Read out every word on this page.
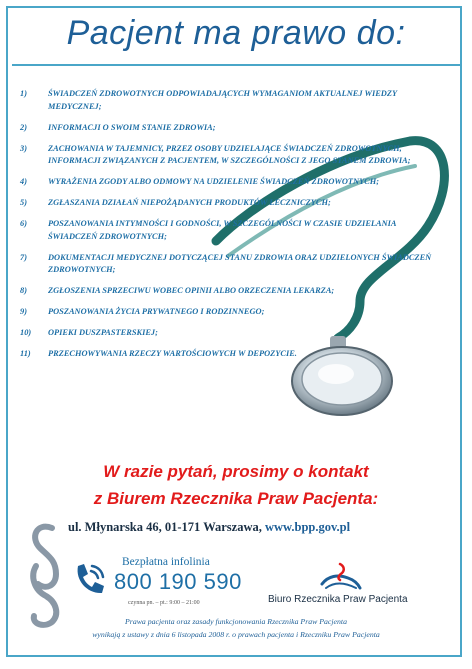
Pacjent ma prawo do:
1)	ŚWIADCZEŃ ZDROWOTNYCH ODPOWIADAJĄCYCH WYMAGANIOM AKTUALNEJ WIEDZY MEDYCZNEJ;
2)	INFORMACJI O SWOIM STANIE ZDROWIA;
3)	ZACHOWANIA W TAJEMNICY, PRZEZ OSOBY UDZIELAJĄCE ŚWIADCZEŃ ZDROWOTNYCH, INFORMACJI ZWIĄZANYCH Z PACJENTEM, W SZCZEGÓLNOŚCI Z JEGO STANEM ZDROWIA;
4)	WYRAŻENIA ZGODY ALBO ODMOWY NA UDZIELENIE ŚWIADCZEŃ ZDROWOTNYCH;
5)	ZGŁASZANIA DZIAŁAŃ NIEPOŻĄDANYCH PRODUKTÓW LECZNICZYCH;
6)	POSZANOWANIA INTYMNOŚCI I GODNOŚCI, W SZCZEGÓLNOŚCI W CZASIE UDZIELANIA ŚWIADCZEŃ ZDROWOTNYCH;
7)	DOKUMENTACJI MEDYCZNEJ DOTYCZĄCEJ STANU ZDROWIA ORAZ UDZIELONYCH ŚWIADCZEŃ ZDROWOTNYCH;
8)	ZGŁOSZENIA SPRZECIWU WOBEC OPINII ALBO ORZECZENIA LEKARZA;
9)	POSZANOWANIA ŻYCIA PRYWATNEGO I RODZINNEGO;
10) OPIEKI DUSZPASTERSKIEJ;
11) PRZECHOWYWANIA RZECZY WARTOŚCIOWYCH W DEPOZYCIE.
W razie pytań, prosimy o kontakt
z Biurem Rzecznika Praw Pacjenta:
ul. Młynarska 46, 01-171 Warszawa, www.bpp.gov.pl
Bezpłatna infolinia
800 190 590
czynna pn. – pt.: 9:00 – 21:00	Biuro Rzecznika Praw Pacjenta
Prawa pacjenta oraz zasady funkcjonowania Rzecznika Praw Pacjenta
wynikają z ustawy z dnia 6 listopada 2008 r. o prawach pacjenta i Rzeczniku Praw Pacjenta
